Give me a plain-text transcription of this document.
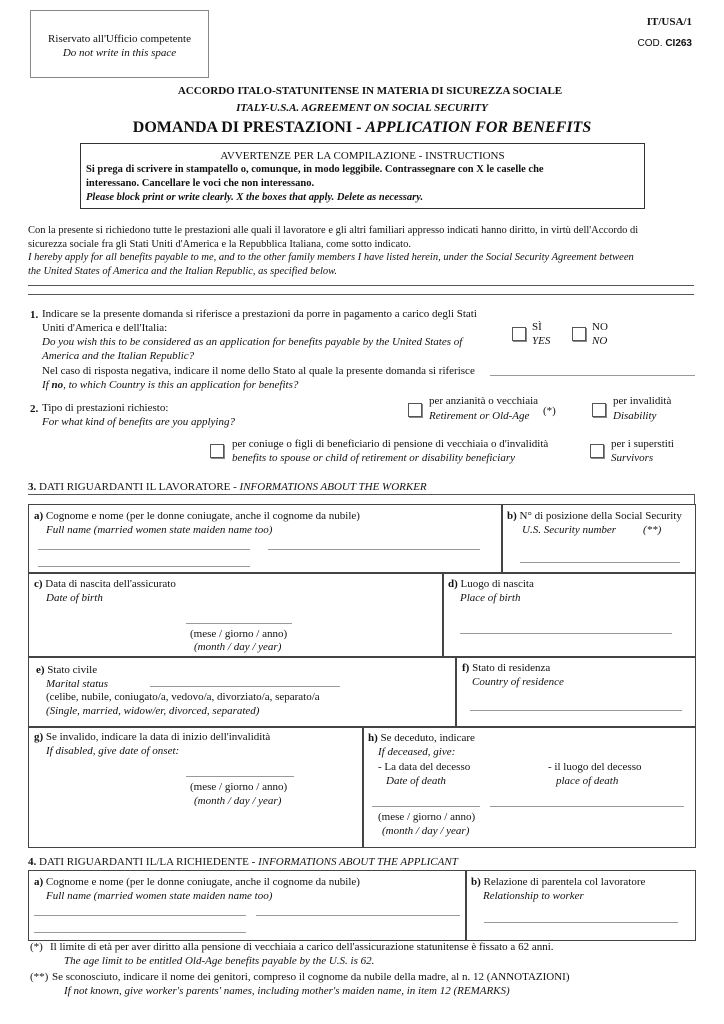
Riservato all'Ufficio competente
Do not write in this space
IT/USA/1
COD. CI263
ACCORDO ITALO-STATUNITENSE IN MATERIA DI SICUREZZA SOCIALE
ITALY-U.S.A. AGREEMENT ON SOCIAL SECURITY
DOMANDA DI PRESTAZIONI - APPLICATION FOR BENEFITS
AVVERTENZE PER LA COMPILAZIONE - INSTRUCTIONS
Si prega di scrivere in stampatello o, comunque, in modo leggibile. Contrassegnare con X le caselle che
interessano. Cancellare le voci che non interessano.
Please block print or write clearly. X the boxes that apply. Delete as necessary.
Con la presente si richiedono tutte le prestazioni alle quali il lavoratore e gli altri familiari appresso indicati hanno diritto, in virtù dell'Accordo di
sicurezza sociale fra gli Stati Uniti d'America e la Repubblica Italiana, come sotto indicato.
I hereby apply for all benefits payable to me, and to the other family members I have listed herein, under the Social Security Agreement between
the United States of America and the Italian Republic, as specified below.
1. Indicare se la presente domanda si riferisce a prestazioni da porre in pagamento a carico degli Stati
Uniti d'America e dell'Italia:
Do you wish this to be considered as an application for benefits payable by the United States of
America and the Italian Republic?
SÌ
YES
NO
NO
Nel caso di risposta negativa, indicare il nome dello Stato al quale la presente domanda si riferisce
If no, to which Country is this an application for benefits?
2. Tipo di prestazioni richiesto:
For what kind of benefits are you applying?
per anzianità o vecchiaia
Retirement or Old-Age (*)
per invalidità
Disability
per coniuge o figli di beneficiario di pensione di vecchiaia o d'invalidità
benefits to spouse or child of retirement or disability beneficiary
per i superstiti
Survivors
3. DATI RIGUARDANTI IL LAVORATORE - INFORMATIONS ABOUT THE WORKER
a) Cognome e nome (per le donne coniugate, anche il cognome da nubile)
Full name (married women state maiden name too)
b) N° di posizione della Social Security
U.S. Security number (**)
c) Data di nascita dell'assicurato
Date of birth
(mese / giorno / anno)
(month / day / year)
d) Luogo di nascita
Place of birth
e) Stato civile
Marital status
(celibe, nubile, coniugato/a, vedovo/a, divorziato/a, separato/a
(Single, married, widow/er, divorced, separated)
f) Stato di residenza
Country of residence
g) Se invalido, indicare la data di inizio dell'invalidità
If disabled, give date of onset:
(mese / giorno / anno)
(month / day / year)
h) Se deceduto, indicare
If deceased, give:
- La data del decesso
Date of death
- il luogo del decesso
place of death
(mese / giorno / anno)
(month / day / year)
4. DATI RIGUARDANTI IL/LA RICHIEDENTE - INFORMATIONS ABOUT THE APPLICANT
a) Cognome e nome (per le donne coniugate, anche il cognome da nubile)
Full name (married women state maiden name too)
b) Relazione di parentela col lavoratore
Relationship to worker
(*) Il limite di età per aver diritto alla pensione di vecchiaia a carico dell'assicurazione statunitense è fissato a 62 anni.
The age limit to be entitled Old-Age benefits payable by the U.S. is 62.
(**) Se sconosciuto, indicare il nome dei genitori, compreso il cognome da nubile della madre, al n. 12 (ANNOTAZIONI)
If not known, give worker's parents' names, including mother's maiden name, in item 12 (REMARKS)
